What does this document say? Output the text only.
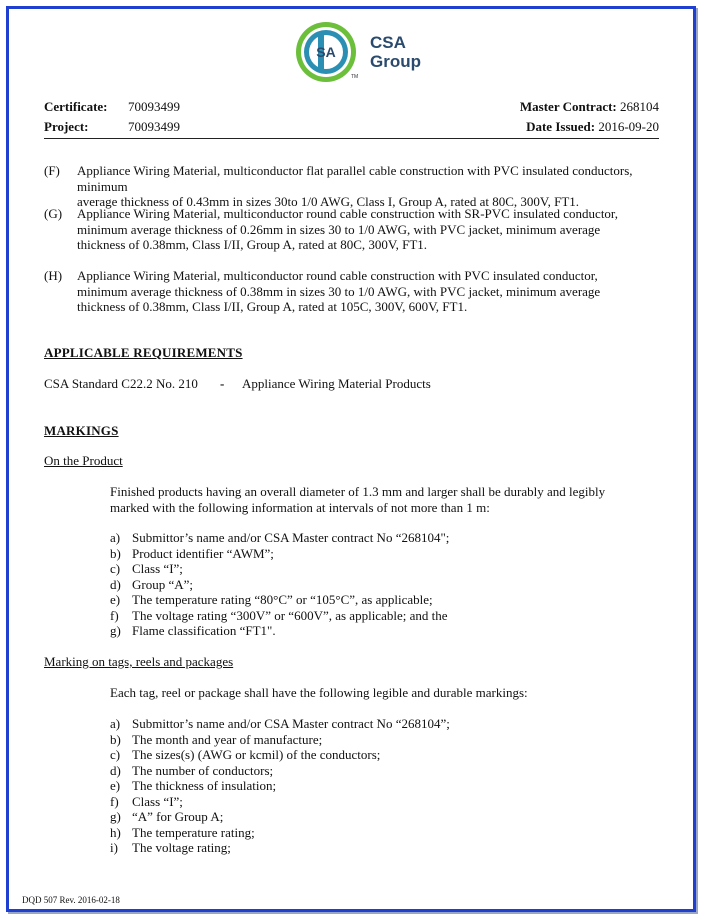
SA CSA
Group
TM
Certificate: 70093499
Project:	70093499
Master Contract: 268104
Date Issued: 2016-09-20
(F) Appliance Wiring Material, multiconductor flat parallel cable construction with PVC insulated conductors, minimum
average thickness of 0.43mm in sizes 30to 1/0 AWG, Class I, Group A, rated at 80C, 300V, FT1.
(G) Appliance Wiring Material, multiconductor round cable construction with SR-PVC insulated conductor,
minimum average thickness of 0.26mm in sizes 30 to 1/0 AWG, with PVC jacket, minimum average
thickness of 0.38mm, Class I/II, Group A, rated at 80C, 300V, FT1.
(H) Appliance Wiring Material, multiconductor round cable construction with PVC insulated conductor,
minimum average thickness of 0.38mm in sizes 30 to 1/0 AWG, with PVC jacket, minimum average
thickness of 0.38mm, Class I/II, Group A, rated at 105C, 300V, 600V, FT1.
APPLICABLE REQUIREMENTS
CSA Standard C22.2 No. 210 - Appliance Wiring Material Products
MARKINGS
On the Product
Finished products having an overall diameter of 1.3 mm and larger shall be durably and legibly
marked with the following information at intervals of not more than 1 m:
a) Submittor’s name and/or CSA Master contract No “268104";
b) Product identifier “AWM”;
c) Class “I”;
d) Group “A”;
e) The temperature rating “80°C” or “105°C”, as applicable;
f) The voltage rating “300V” or “600V”, as applicable; and the
g) Flame classification “FT1".
Marking on tags, reels and packages
Each tag, reel or package shall have the following legible and durable markings:
a) Submittor’s name and/or CSA Master contract No “268104”;
b) The month and year of manufacture;
c) The sizes(s) (AWG or kcmil) of the conductors;
d) The number of conductors;
e) The thickness of insulation;
f) Class “I”;
g) “A” for Group A;
h) The temperature rating;
i) The voltage rating;
DQD 507 Rev. 2016-02-18
